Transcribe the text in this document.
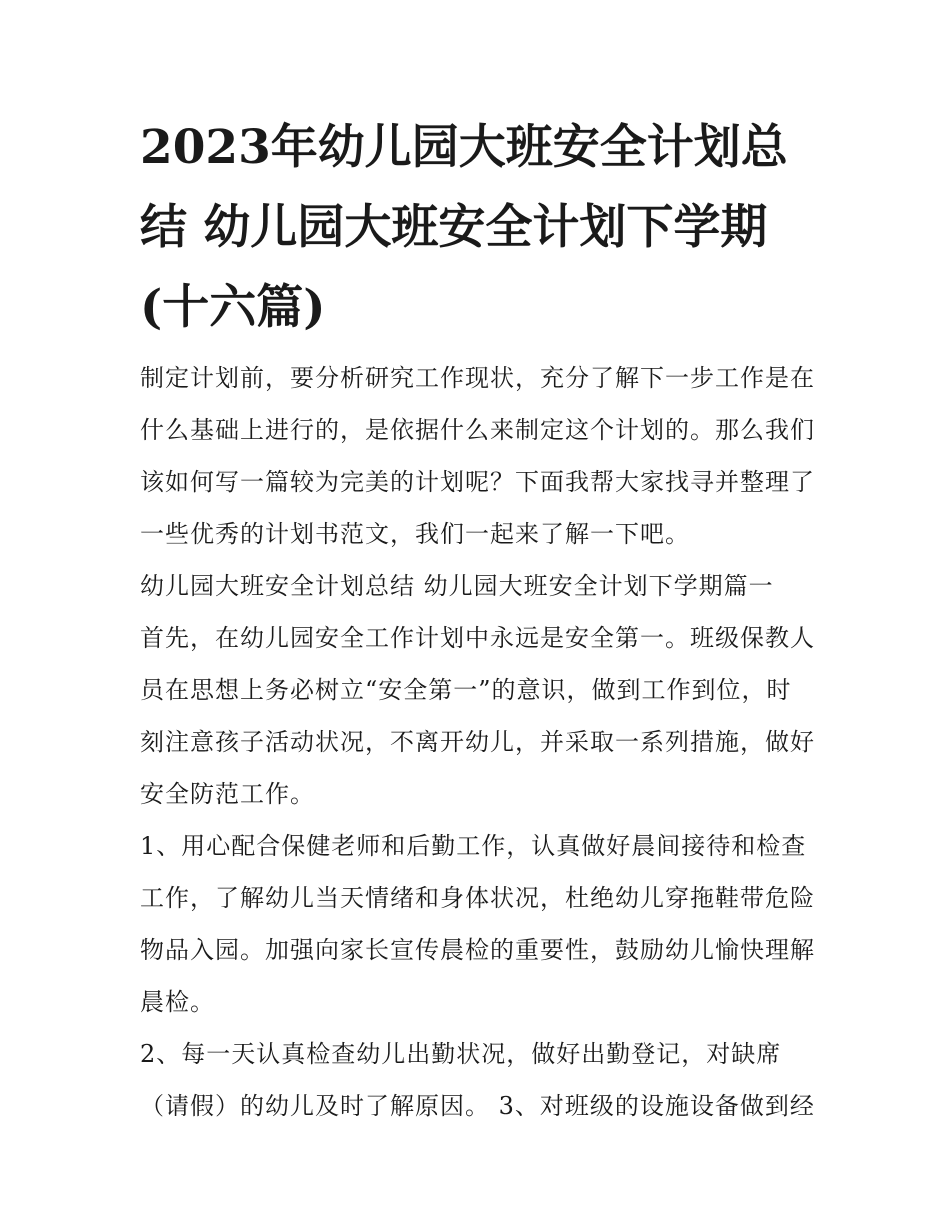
2023年幼儿园大班安全计划总结 幼儿园大班安全计划下学期(十六篇)

制定计划前，要分析研究工作现状，充分了解下一步工作是在什么基础上进行的，是依据什么来制定这个计划的。那么我们该如何写一篇较为完美的计划呢？下面我帮大家找寻并整理了一些优秀的计划书范文，我们一起来了解一下吧。

幼儿园大班安全计划总结 幼儿园大班安全计划下学期篇一

首先，在幼儿园安全工作计划中永远是安全第一。班级保教人员在思想上务必树立“安全第一”的意识，做到工作到位，时刻注意孩子活动状况，不离开幼儿，并采取一系列措施，做好安全防范工作。

1、用心配合保健老师和后勤工作，认真做好晨间接待和检查工作，了解幼儿当天情绪和身体状况，杜绝幼儿穿拖鞋带危险物品入园。加强向家长宣传晨检的重要性，鼓励幼儿愉快理解晨检。

2、每一天认真检查幼儿出勤状况，做好出勤登记，对缺席（请假）的幼儿及时了解原因。 3、对班级的设施设备做到经
